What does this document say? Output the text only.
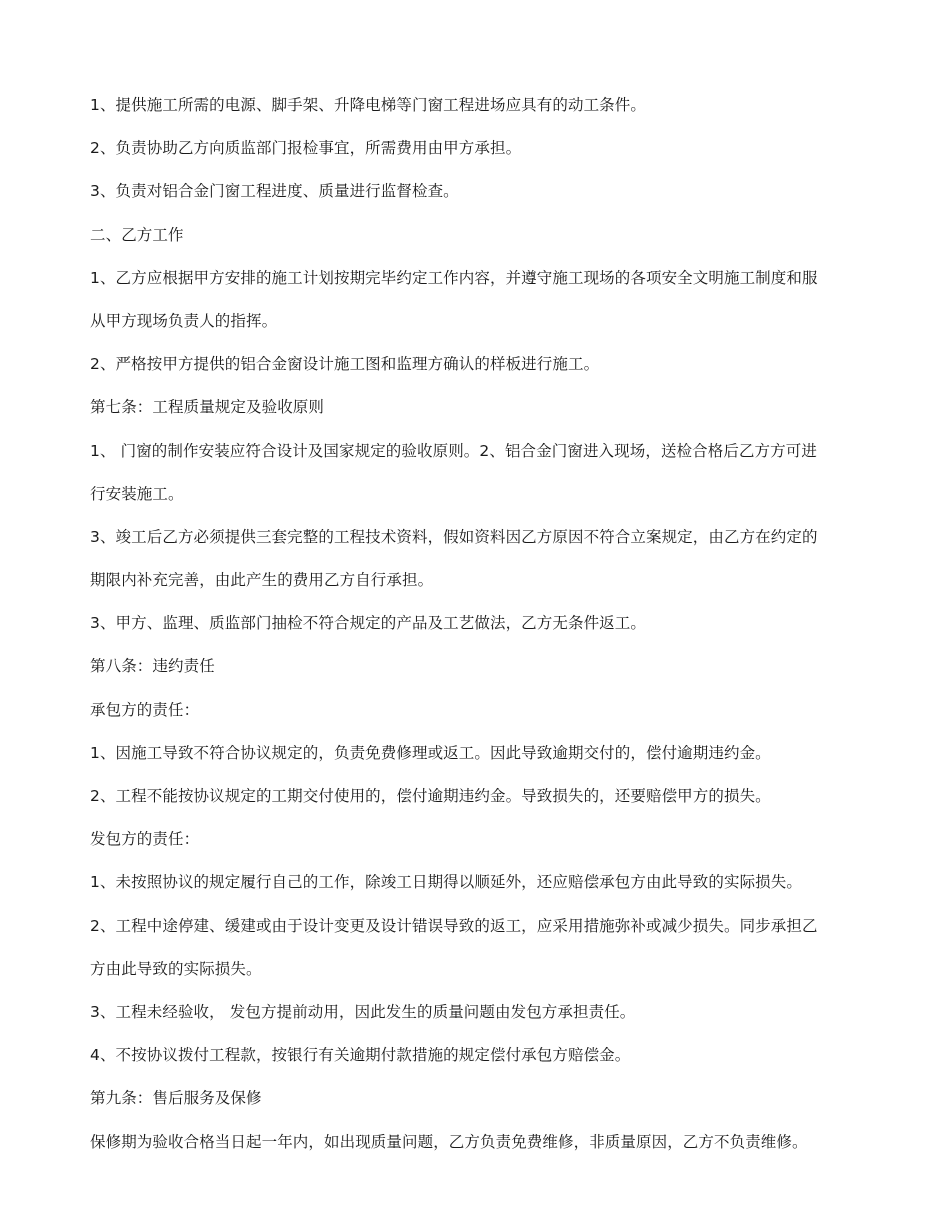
1、提供施工所需的电源、脚手架、升降电梯等门窗工程进场应具有的动工条件。

2、负责协助乙方向质监部门报检事宜，所需费用由甲方承担。

3、负责对铝合金门窗工程进度、质量进行监督检查。

二、乙方工作

1、乙方应根据甲方安排的施工计划按期完毕约定工作内容，并遵守施工现场的各项安全文明施工制度和服

从甲方现场负责人的指挥。

2、严格按甲方提供的铝合金窗设计施工图和监理方确认的样板进行施工。

第七条：工程质量规定及验收原则

1、 门窗的制作安装应符合设计及国家规定的验收原则。2、铝合金门窗进入现场，送检合格后乙方方可进

行安装施工。

3、竣工后乙方必须提供三套完整的工程技术资料，假如资料因乙方原因不符合立案规定，由乙方在约定的

期限内补充完善，由此产生的费用乙方自行承担。

3、甲方、监理、质监部门抽检不符合规定的产品及工艺做法，乙方无条件返工。

第八条：违约责任

承包方的责任：

1、因施工导致不符合协议规定的，负责免费修理或返工。因此导致逾期交付的，偿付逾期违约金。

2、工程不能按协议规定的工期交付使用的，偿付逾期违约金。导致损失的，还要赔偿甲方的损失。

发包方的责任：

1、未按照协议的规定履行自己的工作，除竣工日期得以顺延外，还应赔偿承包方由此导致的实际损失。

2、工程中途停建、缓建或由于设计变更及设计错误导致的返工，应采用措施弥补或减少损失。同步承担乙

方由此导致的实际损失。

3、工程未经验收， 发包方提前动用，因此发生的质量问题由发包方承担责任。

4、不按协议拨付工程款，按银行有关逾期付款措施的规定偿付承包方赔偿金。

第九条：售后服务及保修

保修期为验收合格当日起一年内，如出现质量问题，乙方负责免费维修，非质量原因，乙方不负责维修。
